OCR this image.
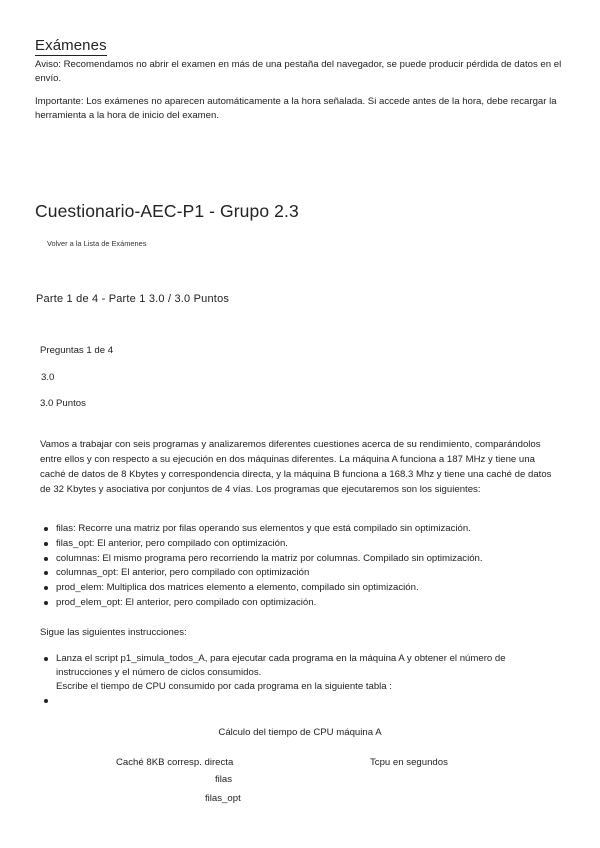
Exámenes

Aviso: Recomendamos no abrir el examen en más de una pestaña del navegador, se puede producir pérdida de datos en el envío.

Importante: Los exámenes no aparecen automáticamente a la hora señalada. Si accede antes de la hora, debe recargar la herramienta a la hora de inicio del examen.

Cuestionario-AEC-P1 - Grupo 2.3
Volver a la Lista de Exámenes
Parte 1 de 4 - Parte 1 3.0 / 3.0 Puntos
Preguntas 1 de 4
3.0
3.0 Puntos

Vamos a trabajar con seis programas y analizaremos diferentes cuestiones acerca de su rendimiento, comparándolos entre ellos y con respecto a su ejecución en dos máquinas diferentes. La máquina A funciona a 187 MHz y tiene una caché de datos de 8 Kbytes y correspondencia directa, y la máquina B funciona a 168.3 Mhz y tiene una caché de datos de 32 Kbytes y asociativa por conjuntos de 4 vías. Los programas que ejecutaremos son los siguientes:

filas: Recorre una matriz por filas operando sus elementos y que está compilado sin optimización.
filas_opt: El anterior, pero compilado con optimización.
columnas: El mismo programa pero recorriendo la matriz por columnas. Compilado sin optimización.
columnas_opt: El anterior, pero compilado con optimización
prod_elem: Multiplica dos matrices elemento a elemento, compilado sin optimización.
prod_elem_opt: El anterior, pero compilado con optimización.
Sigue las siguientes instrucciones:
Lanza el script p1_simula_todos_A, para ejecutar cada programa en la máquina A y obtener el número de instrucciones y el número de ciclos consumidos.
Escribe el tiempo de CPU consumido por cada programa en la siguiente tabla :
Cálculo del tiempo de CPU máquina A
Caché 8KB corresp. directa	Tcpu en segundos
filas
filas_opt
